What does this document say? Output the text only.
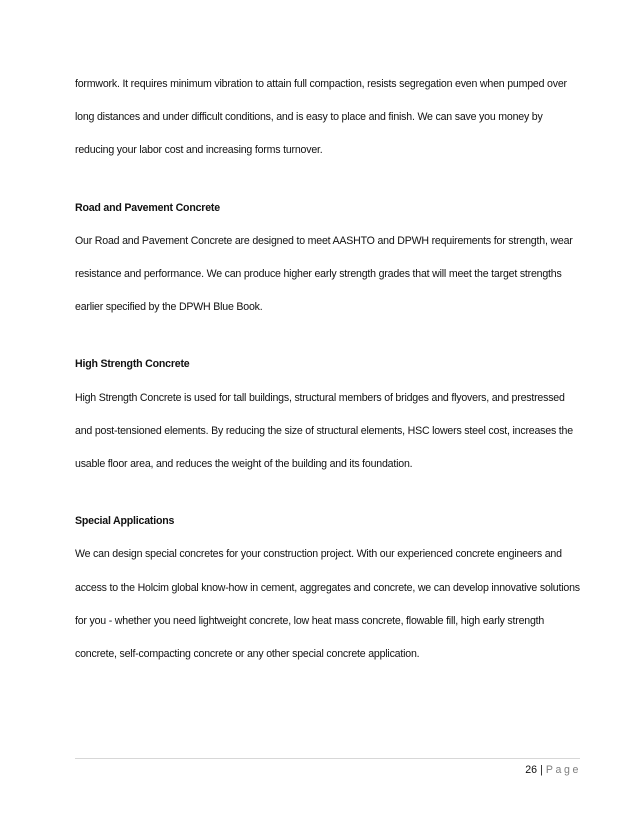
formwork. It requires minimum vibration to attain full compaction, resists segregation even when pumped over long distances and under difficult conditions, and is easy to place and finish. We can save you money by reducing your labor cost and increasing forms turnover.

Road and Pavement Concrete

Our Road and Pavement Concrete are designed to meet AASHTO and DPWH requirements for strength, wear resistance and performance. We can produce higher early strength grades that will meet the target strengths earlier specified by the DPWH Blue Book.

High Strength Concrete

High Strength Concrete is used for tall buildings, structural members of bridges and flyovers, and prestressed and post-tensioned elements. By reducing the size of structural elements, HSC lowers steel cost, increases the usable floor area, and reduces the weight of the building and its foundation.

Special Applications

We can design special concretes for your construction project. With our experienced concrete engineers and access to the Holcim global know-how in cement, aggregates and concrete, we can develop innovative solutions for you - whether you need lightweight concrete, low heat mass concrete, flowable fill, high early strength concrete, self-compacting concrete or any other special concrete application.

26 | Page
